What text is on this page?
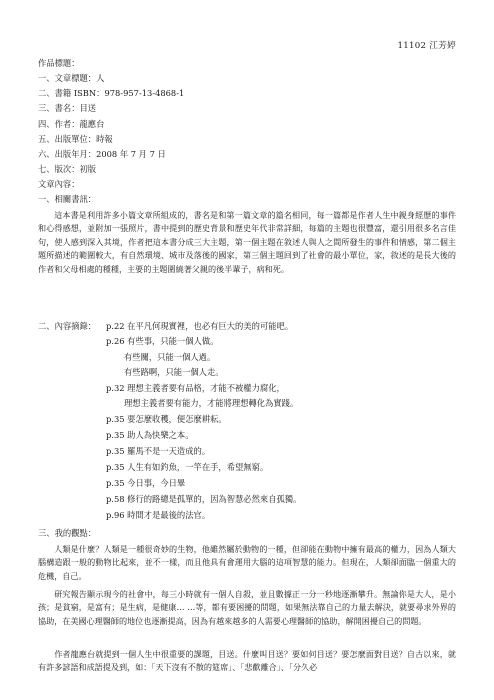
11102 江芳婷
作品標題：
一、文章標題：人
二、書籍 ISBN：978-957-13-4868-1
三、書名：目送
四、作者：龍應台
五、出版單位：時報
六、出版年月：2008 年 7 月 7 日
七、版次：初版
文章內容：
一、相關書訊：
這本書是利用許多小篇文章所組成的，書名是和第一篇文章的篇名相同，每一篇都是作者人生中親身經歷的事件和心得感想，並附加一張照片，書中提到的歷史背景和歷史年代非常詳細，每篇的主題也很豐富，還引用很多名言佳句，使人感到深入其境，作者把這本書分成三大主題，第一個主題在敘述人與人之間所發生的事件和情感，第二個主題所描述的範圍較大，有自然環境、城市及落後的國家，第三個主題回到了社會的最小單位，家，敘述的是長大後的作者和父母相處的種種，主要的主題圍繞著父親的後半輩子，病和死。
二、內容摘錄： p.22 在平凡何現實裡，也必有巨大的美的可能吧。
p.26 有些事，只能一個人做。
有些關，只能一個人過。
有些路啊，只能一個人走。
p.32 理想主義者要有品格，才能不被權力腐化，
理想主義者要有能力，才能將理想轉化為實踐。
p.35 要怎麼收穫，便怎麼耕耘。
p.35 助人為快樂之本。
p.35 羅馬不是一天造成的。
p.35 人生有如釣魚，一竿在手，希望無窮。
p.35 今日事，今日畢
p.58 修行的路總是孤單的，因為智慧必然來自孤獨。
p.96 時間才是最後的法官。
三、我的觀點：
人類是什麼？人類是一種很奇妙的生物，他雖然屬於動物的一種，但卻能在動物中擁有最高的權力，因為人類大腦構造跟一般的動物比起來，並不一樣，而且他具有會運用大腦的這項智慧的能力。但現在，人類卻面臨一個重大的危機，自己。
研究報告顯示現今的社會中，每三小時就有一個人自殺，並且數據正一分一秒地逐漸攀升。無論你是大人，是小孩；是貧窮，是富有；是生病，是健康… …等，都有要困擾的問題，如果無法靠自己的力量去解決，就要尋求外界的協助，在美國心理醫師的地位也逐漸提高，因為有越來越多的人需要心理醫師的協助，解開困擾自己的問題。
作者龍應台就提到一個人生中很重要的課題，目送。什麼叫目送？要如何目送？要怎麼面對目送？自古以來，就有許多諺語和成語提及到，如：「天下沒有不散的筵席」、「悲歡離合」、「分久必
